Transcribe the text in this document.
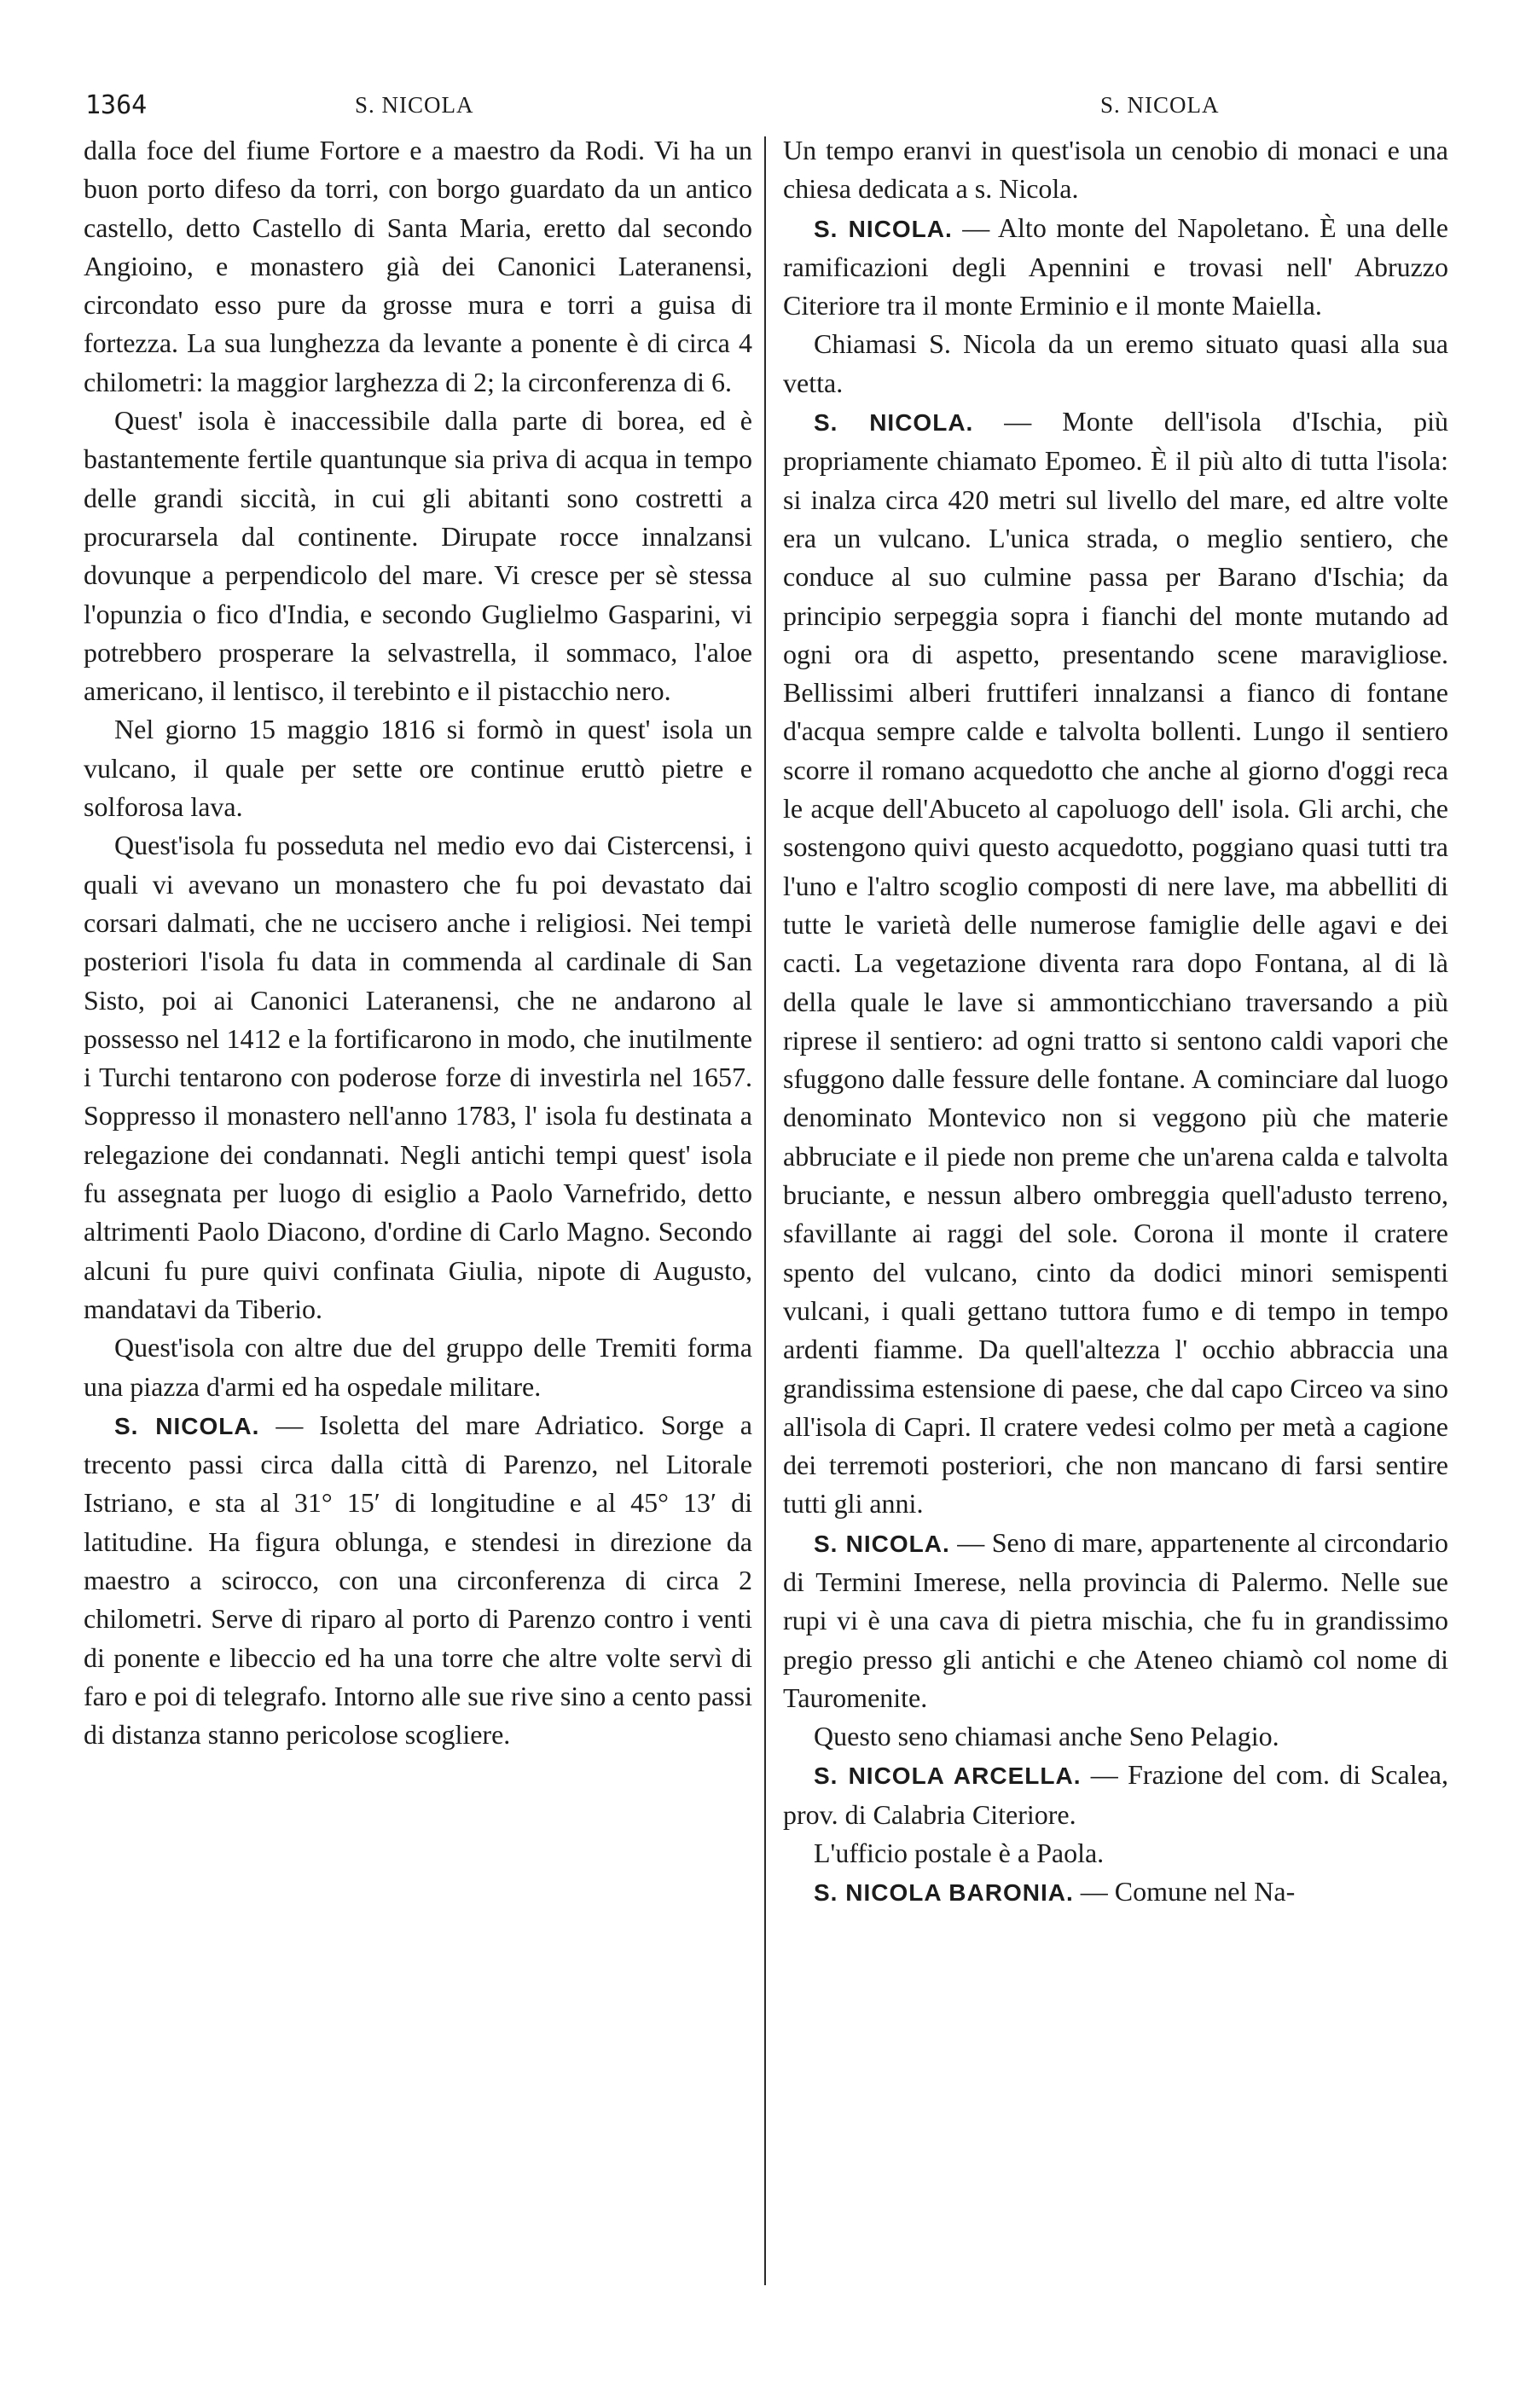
1364	S. NICOLA	S. NICOLA

dalla foce del fiume Fortore e a maestro da Rodi. Vi ha un buon porto difeso da torri, con borgo guardato da un antico castello, detto Castello di Santa Maria, eretto dal secondo Angioino, e monastero già dei Canonici Lateranensi, circondato esso pure da grosse mura e torri a guisa di fortezza. La sua lunghezza da levante a ponente è di circa 4 chilometri: la maggior larghezza di 2; la circonferenza di 6.

Quest' isola è inaccessibile dalla parte di borea, ed è bastantemente fertile quantunque sia priva di acqua in tempo delle grandi siccità, in cui gli abitanti sono costretti a procurarsela dal continente. Dirupate rocce innalzansi dovunque a perpendicolo del mare. Vi cresce per sè stessa l'opunzia o fico d'India, e secondo Guglielmo Gasparini, vi potrebbero prosperare la selvastrella, il sommaco, l'aloe americano, il lentisco, il terebinto e il pistacchio nero.

Nel giorno 15 maggio 1816 si formò in quest' isola un vulcano, il quale per sette ore continue eruttò pietre e solforosa lava.

Quest'isola fu posseduta nel medio evo dai Cistercensi, i quali vi avevano un monastero che fu poi devastato dai corsari dalmati, che ne uccisero anche i religiosi. Nei tempi posteriori l'isola fu data in commenda al cardinale di San Sisto, poi ai Canonici Lateranensi, che ne andarono al possesso nel 1412 e la fortificarono in modo, che inutilmente i Turchi tentarono con poderose forze di investirla nel 1657. Soppresso il monastero nell'anno 1783, l' isola fu destinata a relegazione dei condannati. Negli antichi tempi quest' isola fu assegnata per luogo di esiglio a Paolo Varnefrido, detto altrimenti Paolo Diacono, d'ordine di Carlo Magno. Secondo alcuni fu pure quivi confinata Giulia, nipote di Augusto, mandatavi da Tiberio.

Quest'isola con altre due del gruppo delle Tremiti forma una piazza d'armi ed ha ospedale militare.

S. NICOLA. — Isoletta del mare Adriatico. Sorge a trecento passi circa dalla città di Parenzo, nel Litorale Istriano, e sta al 31° 15′ di longitudine e al 45° 13′ di latitudine. Ha figura oblunga, e stendesi in direzione da maestro a scirocco, con una circonferenza di circa 2 chilometri. Serve di riparo al porto di Parenzo contro i venti di ponente e libeccio ed ha una torre che altre volte servì di faro e poi di telegrafo. Intorno alle sue rive sino a cento passi di distanza stanno pericolose scogliere.

Un tempo eranvi in quest'isola un cenobio di monaci e una chiesa dedicata a s. Nicola.

S. NICOLA. — Alto monte del Napoletano. È una delle ramificazioni degli Apennini e trovasi nell' Abruzzo Citeriore tra il monte Erminio e il monte Maiella.

Chiamasi S. Nicola da un eremo situato quasi alla sua vetta.

S. NICOLA. — Monte dell'isola d'Ischia, più propriamente chiamato Epomeo. È il più alto di tutta l'isola: si inalza circa 420 metri sul livello del mare, ed altre volte era un vulcano. L'unica strada, o meglio sentiero, che conduce al suo culmine passa per Barano d'Ischia; da principio serpeggia sopra i fianchi del monte mutando ad ogni ora di aspetto, presentando scene maravigliose. Bellissimi alberi fruttiferi innalzansi a fianco di fontane d'acqua sempre calde e talvolta bollenti. Lungo il sentiero scorre il romano acquedotto che anche al giorno d'oggi reca le acque dell'Abuceto al capoluogo dell' isola. Gli archi, che sostengono quivi questo acquedotto, poggiano quasi tutti tra l'uno e l'altro scoglio composti di nere lave, ma abbelliti di tutte le varietà delle numerose famiglie delle agavi e dei cacti. La vegetazione diventa rara dopo Fontana, al di là della quale le lave si ammonticchiano traversando a più riprese il sentiero: ad ogni tratto si sentono caldi vapori che sfuggono dalle fessure delle fontane. A cominciare dal luogo denominato Montevico non si veggono più che materie abbruciate e il piede non preme che un'arena calda e talvolta bruciante, e nessun albero ombreggia quell'adusto terreno, sfavillante ai raggi del sole. Corona il monte il cratere spento del vulcano, cinto da dodici minori semispenti vulcani, i quali gettano tuttora fumo e di tempo in tempo ardenti fiamme. Da quell'altezza l' occhio abbraccia una grandissima estensione di paese, che dal capo Circeo va sino all'isola di Capri. Il cratere vedesi colmo per metà a cagione dei terremoti posteriori, che non mancano di farsi sentire tutti gli anni.

S. NICOLA. — Seno di mare, appartenente al circondario di Termini Imerese, nella provincia di Palermo. Nelle sue rupi vi è una cava di pietra mischia, che fu in grandissimo pregio presso gli antichi e che Ateneo chiamò col nome di Tauromenite.

Questo seno chiamasi anche Seno Pelagio.

S. NICOLA ARCELLA. — Frazione del com. di Scalea, prov. di Calabria Citeriore.

L'ufficio postale è a Paola.

S. NICOLA BARONIA. — Comune nel Na-
